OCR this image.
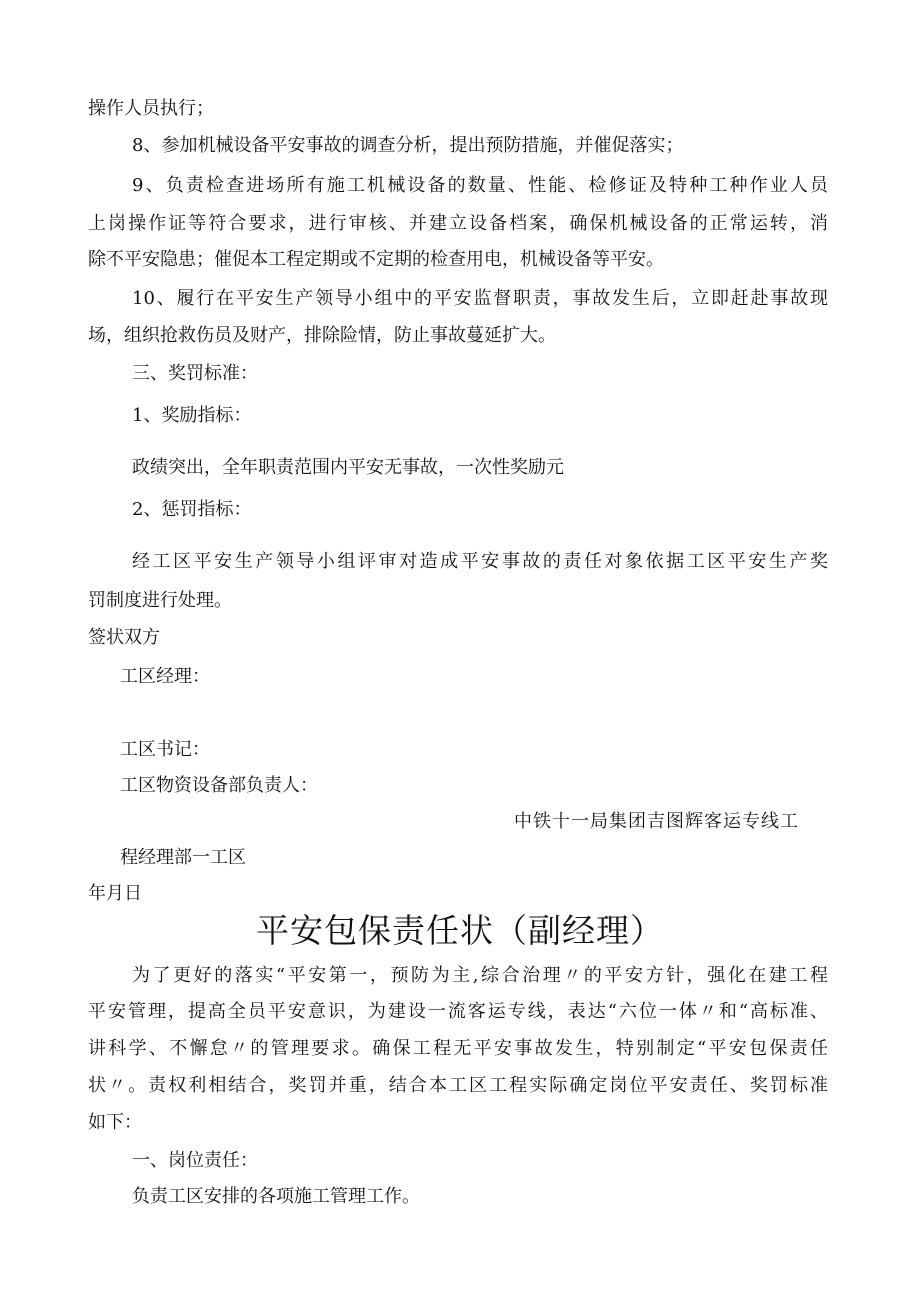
操作人员执行；
8、参加机械设备平安事故的调查分析，提出预防措施，并催促落实；
9、负责检查进场所有施工机械设备的数量、性能、检修证及特种工种作业人员
上岗操作证等符合要求，进行审核、并建立设备档案，确保机械设备的正常运转，消
除不平安隐患；催促本工程定期或不定期的检查用电，机械设备等平安。
10、履行在平安生产领导小组中的平安监督职责，事故发生后，立即赶赴事故现
场，组织抢救伤员及财产，排除险情，防止事故蔓延扩大。
三、奖罚标准：
1、奖励指标：
政绩突出，全年职责范围内平安无事故，一次性奖励元
2、惩罚指标：
经工区平安生产领导小组评审对造成平安事故的责任对象依据工区平安生产奖
罚制度进行处理。
签状双方
工区经理：
工区书记：
工区物资设备部负责人：
中铁十一局集团吉图辉客运专线工
程经理部一工区
年月日
平安包保责任状（副经理）
为了更好的落实“平安第一，预防为主,综合治理〃的平安方针，强化在建工程
平安管理，提高全员平安意识，为建设一流客运专线，表达“六位一体〃和“高标准、
讲科学、不懈怠〃的管理要求。确保工程无平安事故发生，特别制定“平安包保责任
状〃。责权利相结合，奖罚并重，结合本工区工程实际确定岗位平安责任、奖罚标准
如下：
一、岗位责任：
负责工区安排的各项施工管理工作。
